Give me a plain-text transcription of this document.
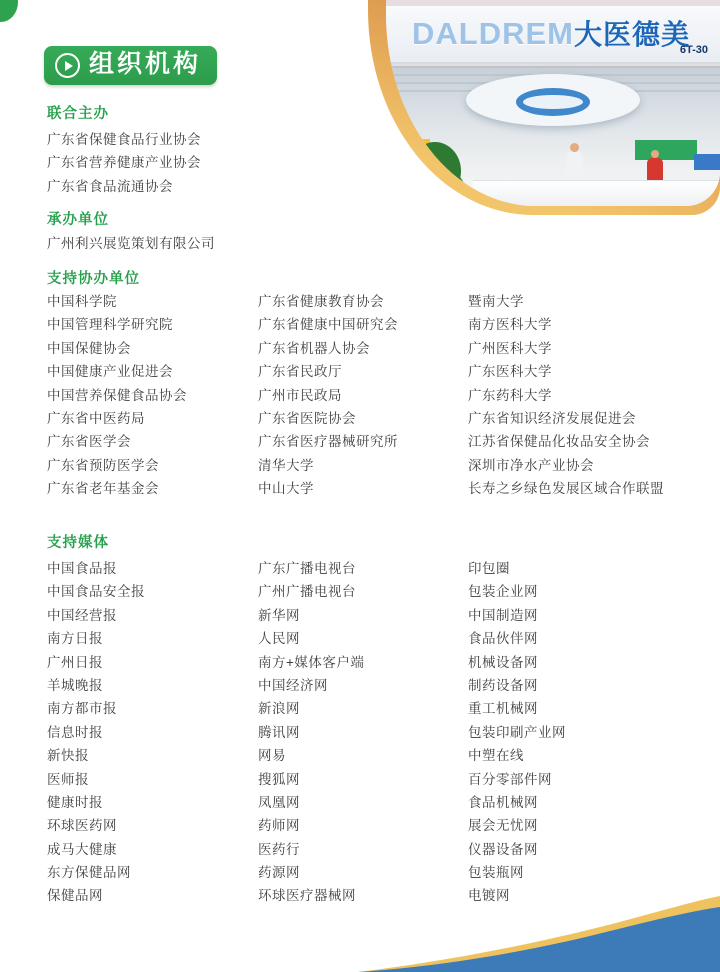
DALDREM大医德美
6T-30
组织机构
联合主办
广东省保健食品行业协会
广东省营养健康产业协会
广东省食品流通协会
承办单位
广州利兴展览策划有限公司
支持协办单位
中国科学院
中国管理科学研究院
中国保健协会
中国健康产业促进会
中国营养保健食品协会
广东省中医药局
广东省医学会
广东省预防医学会
广东省老年基金会
广东省健康教育协会
广东省健康中国研究会
广东省机器人协会
广东省民政厅
广州市民政局
广东省医院协会
广东省医疗器械研究所
清华大学
中山大学
暨南大学
南方医科大学
广州医科大学
广东医科大学
广东药科大学
广东省知识经济发展促进会
江苏省保健品化妆品安全协会
深圳市净水产业协会
长寿之乡绿色发展区域合作联盟
支持媒体
中国食品报
中国食品安全报
中国经营报
南方日报
广州日报
羊城晚报
南方都市报
信息时报
新快报
医师报
健康时报
环球医药网
成马大健康
东方保健品网
保健品网
广东广播电视台
广州广播电视台
新华网
人民网
南方+媒体客户端
中国经济网
新浪网
腾讯网
网易
搜狐网
凤凰网
药师网
医药行
药源网
环球医疗器械网
印包圈
包装企业网
中国制造网
食品伙伴网
机械设备网
制药设备网
重工机械网
包装印刷产业网
中塑在线
百分零部件网
食品机械网
展会无忧网
仪器设备网
包装瓶网
电镀网
